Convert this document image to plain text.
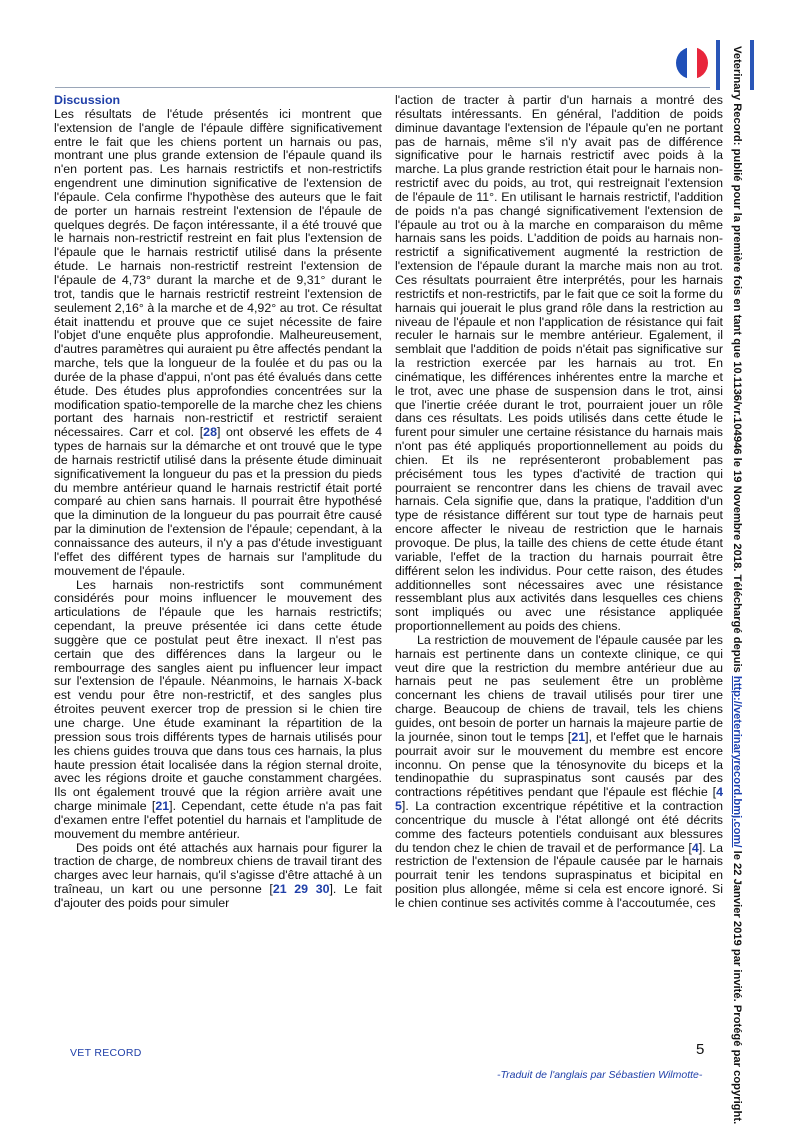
Veterinary Record: publié pour la première fois en tant que 10.1136/vr.104946 le 19 Novembre 2018. Téléchargé depuis http://veterinaryrecord.bmj.com/ le 22 Janvier 2019 par invité. Protégé par copyright.
Discussion

Les résultats de l'étude présentés ici montrent que l'extension de l'angle de l'épaule diffère significativement entre le fait que les chiens portent un harnais ou pas, montrant une plus grande extension de l'épaule quand ils n'en portent pas. Les harnais restrictifs et non-restrictifs engendrent une diminution significative de l'extension de l'épaule. Cela confirme l'hypothèse des auteurs que le fait de porter un harnais restreint l'extension de l'épaule de quelques degrés. De façon intéressante, il a été trouvé que le harnais non-restrictif restreint en fait plus l'extension de l'épaule que le harnais restrictif utilisé dans la présente étude. Le harnais non-restrictif restreint l'extension de l'épaule de 4,73° durant la marche et de 9,31° durant le trot, tandis que le harnais restrictif restreint l'extension de seulement 2,16° à la marche et de 4,92° au trot. Ce résultat était inattendu et prouve que ce sujet nécessite de faire l'objet d'une enquête plus approfondie. Malheureusement, d'autres paramètres qui auraient pu être affectés pendant la marche, tels que la longueur de la foulée et du pas ou la durée de la phase d'appui, n'ont pas été évalués dans cette étude. Des études plus approfondies concentrées sur la modification spatio-temporelle de la marche chez les chiens portant des harnais non-restrictif et restrictif seraient nécessaires. Carr et col. [28] ont observé les effets de 4 types de harnais sur la démarche et ont trouvé que le type de harnais restrictif utilisé dans la présente étude diminuait significativement la longueur du pas et la pression du pieds du membre antérieur quand le harnais restrictif était porté comparé au chien sans harnais. Il pourrait être hypothésé que la diminution de la longueur du pas pourrait être causé par la diminution de l'extension de l'épaule; cependant, à la connaissance des auteurs, il n'y a pas d'étude investiguant l'effet des différent types de harnais sur l'amplitude du mouvement de l'épaule.

Les harnais non-restrictifs sont communément considérés pour moins influencer le mouvement des articulations de l'épaule que les harnais restrictifs; cependant, la preuve présentée ici dans cette étude suggère que ce postulat peut être inexact. Il n'est pas certain que des différences dans la largeur ou le rembourrage des sangles aient pu influencer leur impact sur l'extension de l'épaule. Néanmoins, le harnais X-back est vendu pour être non-restrictif, et des sangles plus étroites peuvent exercer trop de pression si le chien tire une charge. Une étude examinant la répartition de la pression sous trois différents types de harnais utilisés pour les chiens guides trouva que dans tous ces harnais, la plus haute pression était localisée dans la région sternal droite, avec les régions droite et gauche constamment chargées. Ils ont également trouvé que la région arrière avait une charge minimale [21]. Cependant, cette étude n'a pas fait d'examen entre l'effet potentiel du harnais et l'amplitude de mouvement du membre antérieur.

Des poids ont été attachés aux harnais pour figurer la traction de charge, de nombreux chiens de travail tirant des charges avec leur harnais, qu'il s'agisse d'être attaché à un traîneau, un kart ou une personne [21 29 30]. Le fait d'ajouter des poids pour simuler

l'action de tracter à partir d'un harnais a montré des résultats intéressants. En général, l'addition de poids diminue davantage l'extension de l'épaule qu'en ne portant pas de harnais, même s'il n'y avait pas de différence significative pour le harnais restrictif avec poids à la marche. La plus grande restriction était pour le harnais non-restrictif avec du poids, au trot, qui restreignait l'extension de l'épaule de 11°. En utilisant le harnais restrictif, l'addition de poids n'a pas changé significativement l'extension de l'épaule au trot ou à la marche en comparaison du même harnais sans les poids. L'addition de poids au harnais non-restrictif a significativement augmenté la restriction de l'extension de l'épaule durant la marche mais non au trot. Ces résultats pourraient être interprétés, pour les harnais restrictifs et non-restrictifs, par le fait que ce soit la forme du harnais qui jouerait le plus grand rôle dans la restriction au niveau de l'épaule et non l'application de résistance qui fait reculer le harnais sur le membre antérieur. Egalement, il semblait que l'addition de poids n'était pas significative sur la restriction exercée par les harnais au trot. En cinématique, les différences inhérentes entre la marche et le trot, avec une phase de suspension dans le trot, ainsi que l'inertie créée durant le trot, pourraient jouer un rôle dans ces résultats. Les poids utilisés dans cette étude le furent pour simuler une certaine résistance du harnais mais n'ont pas été appliqués proportionnellement au poids du chien. Et ils ne représenteront probablement pas précisément tous les types d'activité de traction qui pourraient se rencontrer dans les chiens de travail avec harnais. Cela signifie que, dans la pratique, l'addition d'un type de résistance différent sur tout type de harnais peut encore affecter le niveau de restriction que le harnais provoque. De plus, la taille des chiens de cette étude étant variable, l'effet de la traction du harnais pourrait être différent selon les individus. Pour cette raison, des études additionnelles sont nécessaires avec une résistance ressemblant plus aux activités dans lesquelles ces chiens sont impliqués ou avec une résistance appliquée proportionnellement au poids des chiens.

La restriction de mouvement de l'épaule causée par les harnais est pertinente dans un contexte clinique, ce qui veut dire que la restriction du membre antérieur due au harnais peut ne pas seulement être un problème concernant les chiens de travail utilisés pour tirer une charge. Beaucoup de chiens de travail, tels les chiens guides, ont besoin de porter un harnais la majeure partie de la journée, sinon tout le temps [21], et l'effet que le harnais pourrait avoir sur le mouvement du membre est encore inconnu. On pense que la ténosynovite du biceps et la tendinopathie du supraspinatus sont causés par des contractions répétitives pendant que l'épaule est fléchie [4 5]. La contraction excentrique répétitive et la contraction concentrique du muscle à l'état allongé ont été décrits comme des facteurs potentiels conduisant aux blessures du tendon chez le chien de travail et de performance [4]. La restriction de l'extension de l'épaule causée par le harnais pourrait tenir les tendons supraspinatus et bicipital en position plus allongée, même si cela est encore ignoré. Si le chien continue ses activités comme à l'accoutumée, ces

VET RECORD	5
-Traduit de l'anglais par Sébastien Wilmotte-
